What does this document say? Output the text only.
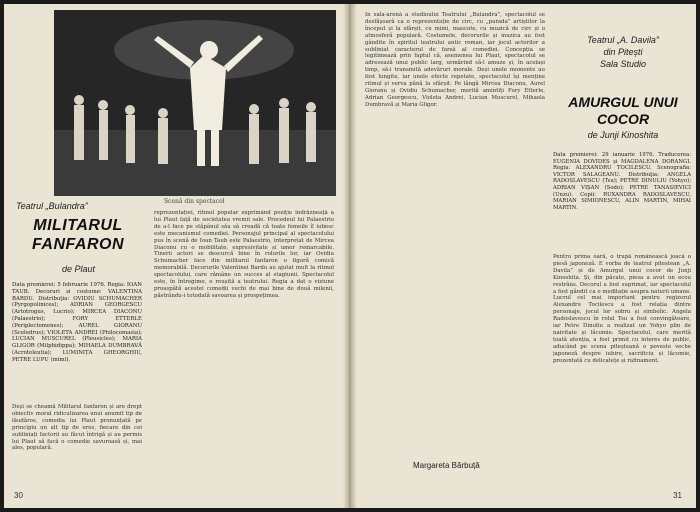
Scenă din spectacol
Teatrul „Bulandra”
MILITARUL FANFARON
de Plaut
Data premierei: 5 februarie 1976. Regia: IOAN TAUB. Decoruri și costume: VALENTINA BARDU. Distribuţia: OVIDIU SCHUMACHER (Pyrgopolinices); ADRIAN GEORGESCU (Artotrogus, Lucrio); MIRCEA DIACONU (Palaestrio); FORY ETTERLE (Periplectomenes); AUREL GIORANU (Sceledrus); VIOLETA ANDREI (Philocomasia); LUCIAN MUSCUREL (Pleusicles); MARIA GLIGOR (Milphidippa); MIHAELA DUMBRAVĂ (Acroteleutia); LUMINIȚA GHEORGHIU, PETRE LUPU (mimi).
Deși se cheamă Militarul fanfaron și are drept obiectiv moral ridiculizarea unui anumit tip de lăudăros, comedia lui Plaut pronunțată pe principiu un alt tip de eros, fiecare din cei subliniați factorii au făcut întrigă și au permis lui Plaut să facă o comedie savuroasă și, mai ales, populară.
reprezentației, ritmul popular exprimând poziție îndrăzneață a lui Plaut față de societatea vremii sale. Procedeul lui Palaestrio de a-l face pe stăpânul său să creadă că toate femeile îl iubesc este mecanismul comediei. Personajul principal al spectacolului pus în scenă de Ioan Taub este Palaestrio, interpretat de Mircea Diaconu cu o mobilitate, expresivitate și umor remarcabile. Tinerii actori se descurcă bine în rolurile lor, iar Ovidiu Schumacher face din militarul fanfaron o figură comică memorabilă. Decorurile Valentinei Bardu au ajutat mult la ritmul spectacolului, care rămâne un succes al stagiunii. Spectacolul este, în întregime, o reușită a teatrului. Regia a dat o viziune proaspătă acestei comedii vechi de mai bine de două milenii, păstrându-i totodată savoarea și prospețimea.
30
În sala-arenă a studioului Teatrului „Bulandra”, spectacolul se desfășoară ca o reprezentație de circ, cu „parada” artiștilor la început și la sfârșit, cu mimi, mascote, cu muzică de circ și o atmosferă populară. Costumele, decorurile și muzica au fost gândite în spiritul teatrului antic roman, iar jocul actorilor a subliniat caracterul de farsă al comediei. Concepția se legitimează prin faptul că, asemenea lui Plaut, spectacolul se adresează unui public larg, urmărind să-l amuze și, în același timp, să-i transmită adevăruri morale. Deși unele momente au fost lungite, iar unele efecte repetate, spectacolul își menține ritmul și verva până la sfârșit. Pe lângă Mircea Diaconu, Aurel Gioranu și Ovidiu Schumacher, merită amintiți Fory Etterle, Adrian Georgescu, Violeta Andrei, Lucian Muscurel, Mihaela Dumbravă și Maria Gligor.
Margareta Bărbuță
Teatrul „A. Davila”
din Pitești
Sala Studio
AMURGUL UNUI COCOR
de Junji Kinoshita
Data premierei: 29 ianuarie 1976. Traducerea: EUGENIA DOVIDES și MAGDALENA DORANGI. Regia: ALEXANDRU TOCILESCU. Scenografia: VICTOR SALAGEANU. Distribuţia: ANGELA RADOSLAVESCU (Tsu); PETRE DINULIU (Yohyo); ADRIAN VIȘAN (Sodo); PETRE TANASIEVICI (Unzu). Copii: RUXANDRA RADOSLAVESCU, MARIAN SIMIONESCU, ALIN MARTIN, MIHAI MARTIN.
Pentru prima oară, o trupă românească joacă o piesă japoneză. E vorba de teatrul piteștean „A. Davila” și de Amurgul unui cocor de Junji Kinoshita. Și, din păcate, piesa a avut un ecou restrâns. Decorul a fost suprimat, iar spectacolul a fost gândit ca o meditație asupra naturii umane. Lucrul cel mai important pentru regizorul Alexandru Tocilescu a fost relația dintre personaje, jocul lor sobru și simbolic. Angela Radoslavescu în rolul Tsu a fost convingătoare, iar Petre Dinuliu a realizat un Yohyo plin de naivitate și lăcomie. Spectacolul, care merită toată atenția, a fost primit cu interes de public, aducând pe scena piteșteană o poveste veche japoneză despre iubire, sacrificiu și lăcomie, prezentată cu delicatețe și rafinament.
31
